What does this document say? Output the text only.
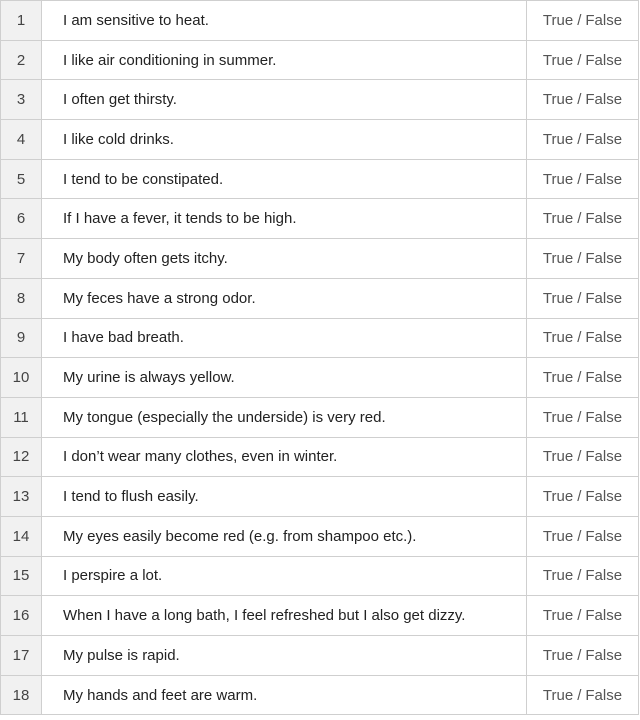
1	I am sensitive to heat.	True / False
2	I like air conditioning in summer.	True / False
3	I often get thirsty.	True / False
4	I like cold drinks.	True / False
5	I tend to be constipated.	True / False
6	If I have a fever, it tends to be high.	True / False
7	My body often gets itchy.	True / False
8	My feces have a strong odor.	True / False
9	I have bad breath.	True / False
10	My urine is always yellow.	True / False
11	My tongue (especially the underside) is very red.	True / False
12	I don’t wear many clothes, even in winter.	True / False
13	I tend to flush easily.	True / False
14	My eyes easily become red (e.g. from shampoo etc.).	True / False
15	I perspire a lot.	True / False
16	When I have a long bath, I feel refreshed but I also get dizzy.	True / False
17	My pulse is rapid.	True / False
18	My hands and feet are warm.	True / False
